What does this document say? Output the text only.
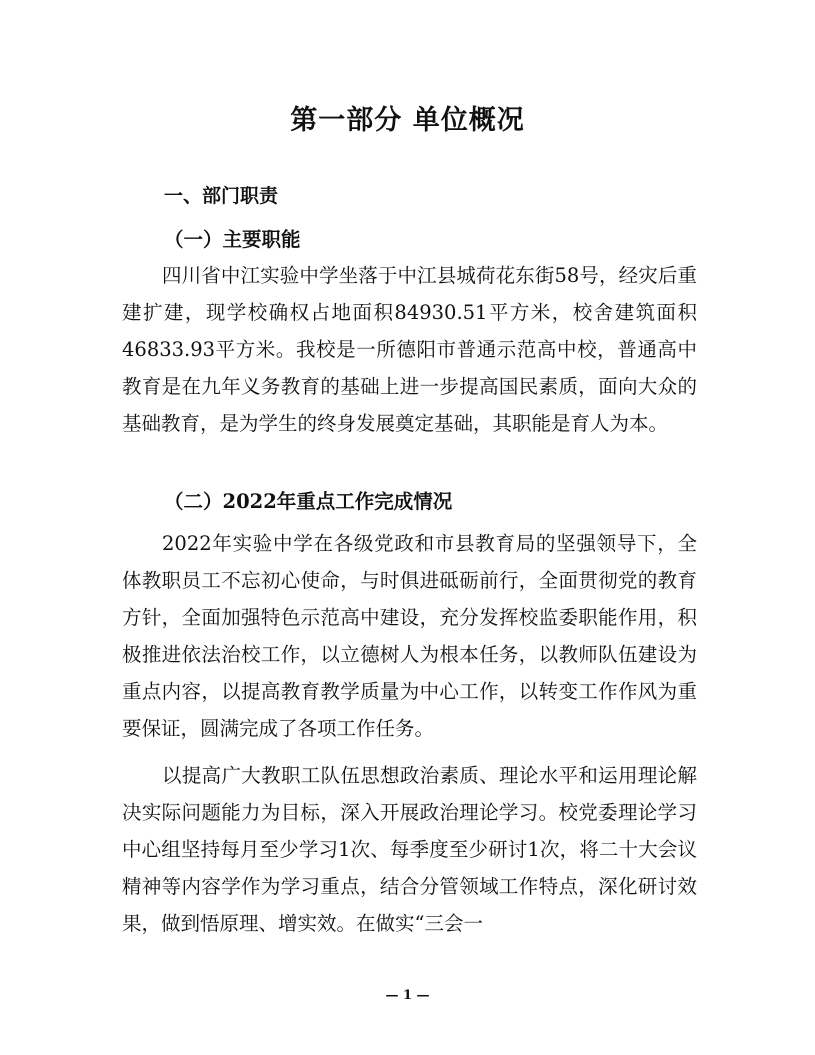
第一部分 单位概况
一、部门职责
（一）主要职能

四川省中江实验中学坐落于中江县城荷花东街58号，经灾后重建扩建，现学校确权占地面积84930.51平方米，校舍建筑面积46833.93平方米。我校是一所德阳市普通示范高中校，普通高中教育是在九年义务教育的基础上进一步提高国民素质，面向大众的基础教育，是为学生的终身发展奠定基础，其职能是育人为本。

（二）2022年重点工作完成情况

2022年实验中学在各级党政和市县教育局的坚强领导下，全体教职员工不忘初心使命，与时俱进砥砺前行，全面贯彻党的教育方针，全面加强特色示范高中建设，充分发挥校监委职能作用，积极推进依法治校工作，以立德树人为根本任务，以教师队伍建设为重点内容，以提高教育教学质量为中心工作，以转变工作作风为重要保证，圆满完成了各项工作任务。

以提高广大教职工队伍思想政治素质、理论水平和运用理论解决实际问题能力为目标，深入开展政治理论学习。校党委理论学习中心组坚持每月至少学习1次、每季度至少研讨1次，将二十大会议精神等内容学作为学习重点，结合分管领域工作特点，深化研讨效果，做到悟原理、增实效。在做实“三会一

— 1 —
